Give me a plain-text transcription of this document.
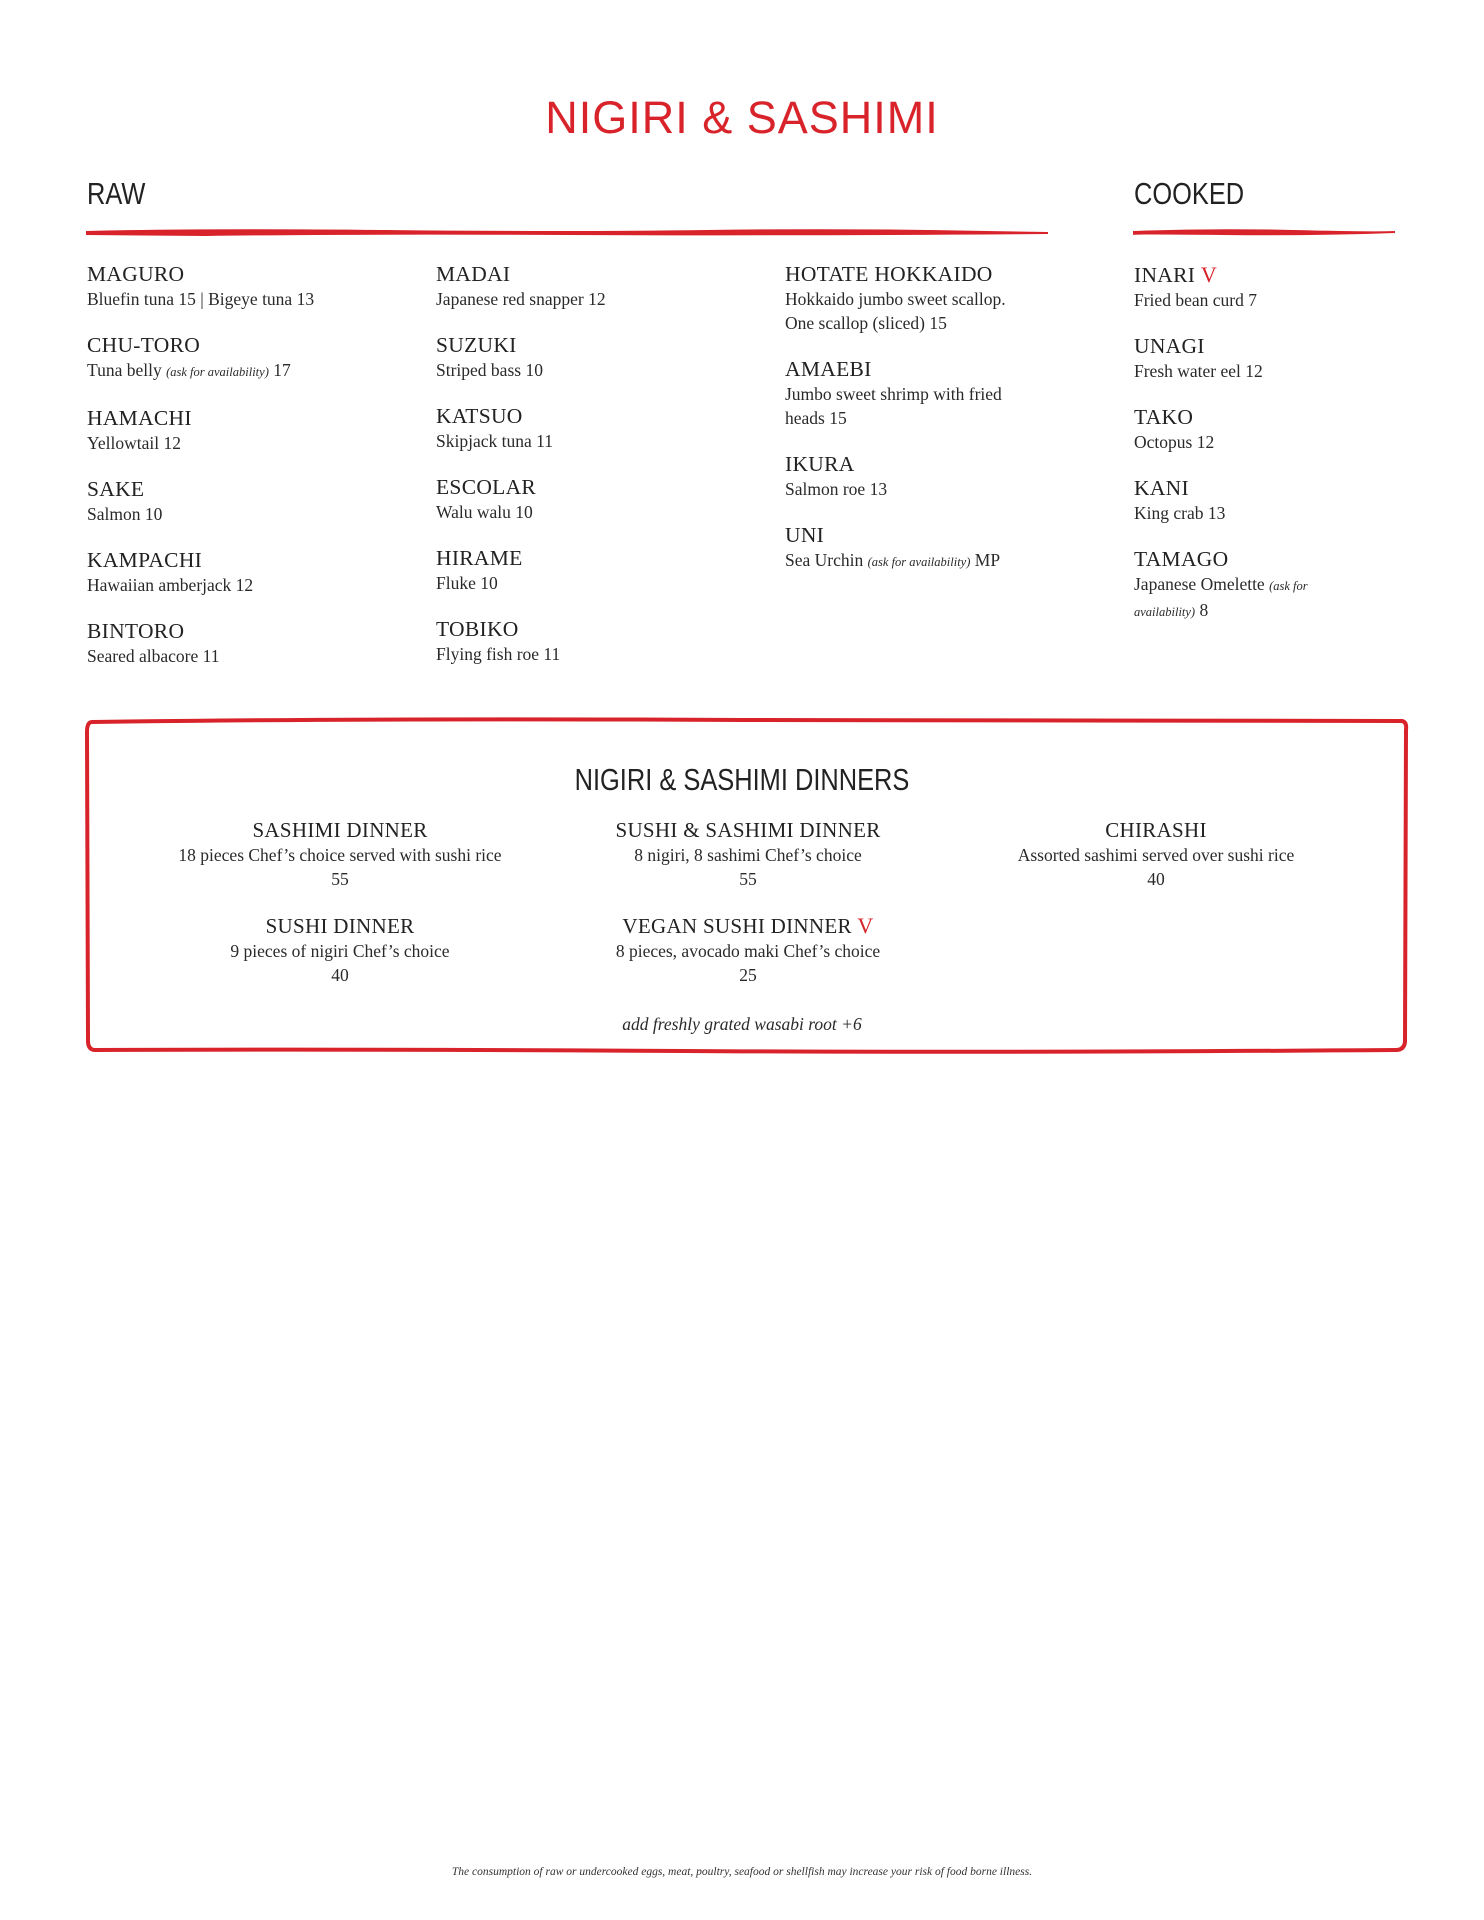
NIGIRI & SASHIMI
RAW
MAGURO
Bluefin tuna 15 | Bigeye tuna 13
CHU-TORO
Tuna belly (ask for availability) 17
HAMACHI
Yellowtail 12
SAKE
Salmon 10
KAMPACHI
Hawaiian amberjack 12
BINTORO
Seared albacore 11
MADAI
Japanese red snapper 12
SUZUKI
Striped bass 10
KATSUO
Skipjack tuna 11
ESCOLAR
Walu walu 10
HIRAME
Fluke 10
TOBIKO
Flying fish roe 11
HOTATE HOKKAIDO
Hokkaido jumbo sweet scallop.
One scallop (sliced) 15
AMAEBI
Jumbo sweet shrimp with fried
heads 15
IKURA
Salmon roe 13
UNI
Sea Urchin (ask for availability) MP
COOKED
INARI V
Fried bean curd 7
UNAGI
Fresh water eel 12
TAKO
Octopus 12
KANI
King crab 13
TAMAGO
Japanese Omelette (ask for
availability) 8
NIGIRI & SASHIMI DINNERS
SASHIMI DINNER
18 pieces Chef’s choice served with sushi rice
55
SUSHI & SASHIMI DINNER
8 nigiri, 8 sashimi Chef’s choice
55
CHIRASHI
Assorted sashimi served over sushi rice
40
SUSHI DINNER
9 pieces of nigiri Chef’s choice
40
VEGAN SUSHI DINNER V
8 pieces, avocado maki Chef’s choice
25
add freshly grated wasabi root +6
The consumption of raw or undercooked eggs, meat, poultry, seafood or shellfish may increase your risk of food borne illness.
